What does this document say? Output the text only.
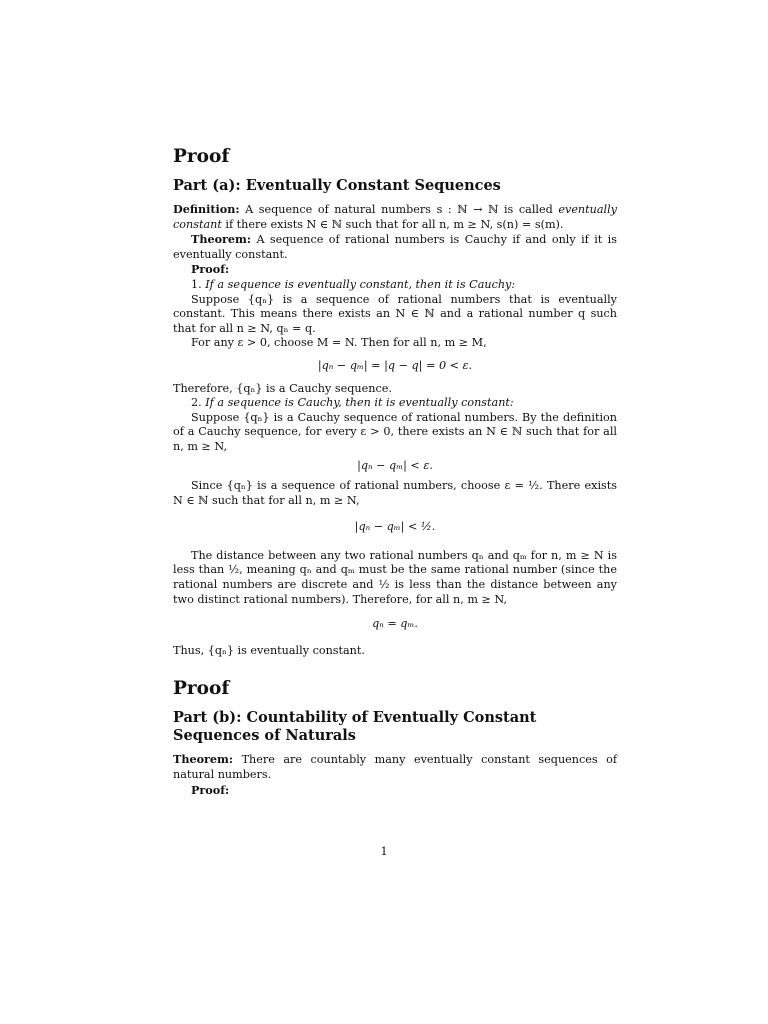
Proof
Part (a): Eventually Constant Sequences

Definition: A sequence of natural numbers s : ℕ → ℕ is called eventually constant if there exists N ∈ ℕ such that for all n, m ≥ N, s(n) = s(m).

Theorem: A sequence of rational numbers is Cauchy if and only if it is eventually constant.

Proof:

1. If a sequence is eventually constant, then it is Cauchy:

Suppose {qₙ} is a sequence of rational numbers that is eventually constant. This means there exists an N ∈ ℕ and a rational number q such that for all n ≥ N, qₙ = q.

For any ε > 0, choose M = N. Then for all n, m ≥ M,

|qₙ − qₘ| = |q − q| = 0 < ε.

Therefore, {qₙ} is a Cauchy sequence.

2. If a sequence is Cauchy, then it is eventually constant:

Suppose {qₙ} is a Cauchy sequence of rational numbers. By the definition of a Cauchy sequence, for every ε > 0, there exists an N ∈ ℕ such that for all n, m ≥ N,

|qₙ − qₘ| < ε.

Since {qₙ} is a sequence of rational numbers, choose ε = ½. There exists N ∈ ℕ such that for all n, m ≥ N,

|qₙ − qₘ| < ½.

The distance between any two rational numbers qₙ and qₘ for n, m ≥ N is less than ½, meaning qₙ and qₘ must be the same rational number (since the rational numbers are discrete and ½ is less than the distance between any two distinct rational numbers). Therefore, for all n, m ≥ N,

qₙ = qₘ.

Thus, {qₙ} is eventually constant.

Proof
Part (b): Countability of Eventually Constant Sequences of Naturals

Theorem: There are countably many eventually constant sequences of natural numbers.

Proof:

1
